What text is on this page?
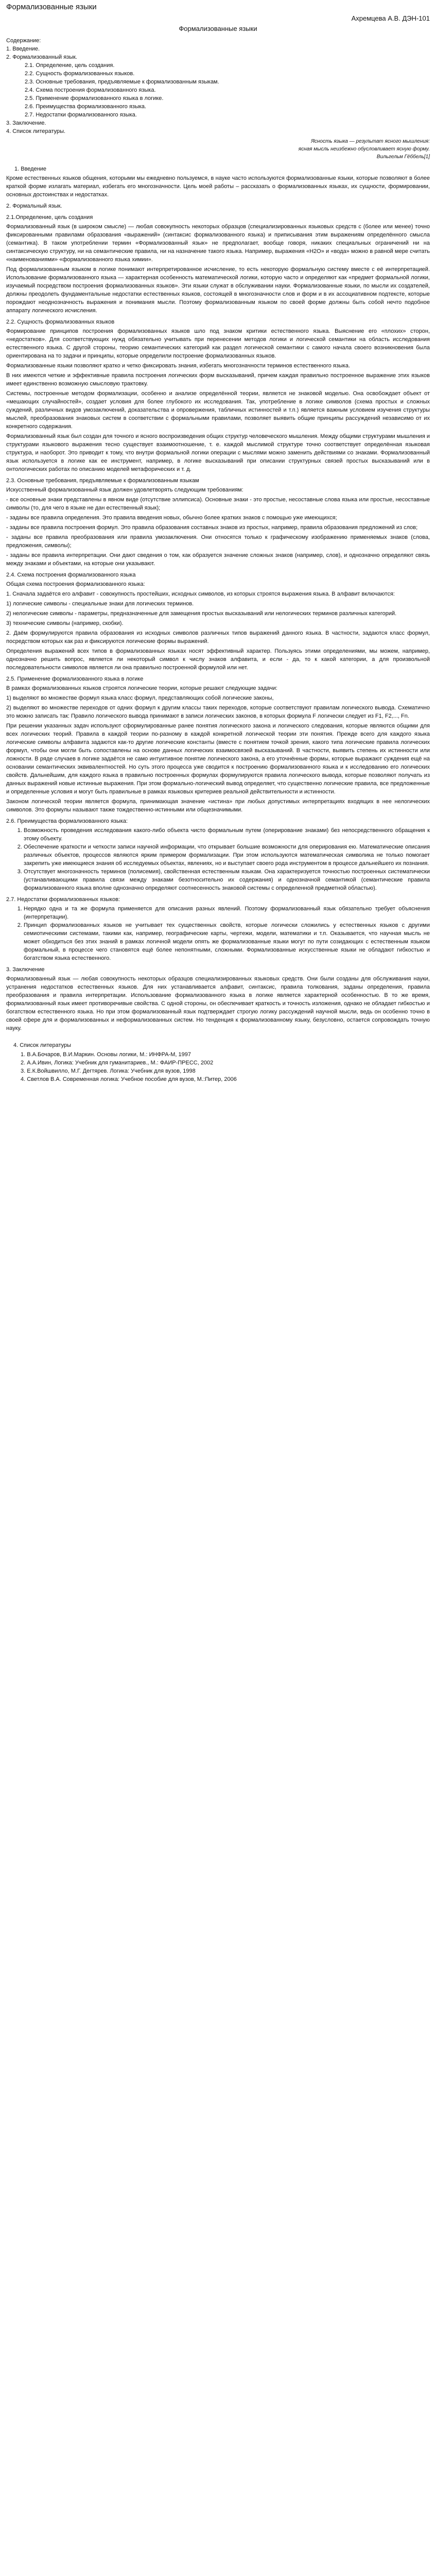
Формализованные языки
Ахремцева А.В. ДЭН-101
Формализованные языки
Содержание:
1. Введение.
2. Формализованный язык.
2.1. Определение, цель создания.
2.2. Сущность формализованных языков.
2.3. Основные требования, предъявляемые к формализованным языкам.
2.4. Схема построения формализованного языка.
2.5. Применение формализованного языка в логике.
2.6. Преимущества формализованного языка.
2.7. Недостатки формализованного языка.
3. Заключение.
4. Список литературы.
Ясность языка — результат ясного мышления:
ясная мысль неизбежно обусловливает ясную форму.
Вильгельм Гёббель[1]
1. Введение

Кроме естественных языков общения, которыми мы ежедневно пользуемся, в науке часто используются формализованные языки, которые позволяют в более краткой форме излагать материал, избегать его многозначности. Цель моей работы – рассказать о формализованных языках, их сущности, формировании, основных достоинствах и недостатках.

2. Формальный язык.
2.1.Определение, цель создания

Формализованный язык (в широком смысле) — любая совокупность некоторых образцов (специализированных языковых средств с (более или менее) точно фиксированными правилами образования «выражений» (синтаксис формализованного языка) и приписывания этим выражениям определённого смысла (семантика). В таком употреблении термин «Формализованный язык» не предполагает, вообще говоря, никаких специальных ограничений ни на синтаксическую структуру, ни на семантические правила, ни на назначение такого языка. Например, выражения «Н2О» и «вода» можно в равной мере считать «наименованиями» «формализованного языка химии».

Под формализованным языком в логике понимают интерпретированное исчисление, то есть некоторую формальную систему вместе с её интерпретацией. Использование формализованного языка — характерная особенность математической логики, которую часто и определяют как «предмет формальной логики, изучаемый посредством построения формализованных языков». Эти языки служат в обслуживании науки. Формализованные языки, по мысли их создателей, должны преодолеть фундаментальные недостатки естественных языков, состоящей в многозначности слов и форм и в их ассоциативном подтексте, которые порождают неоднозначность выражения и понимания мысли. Поэтому формализованным языком по своей форме должны быть собой нечто подобное аппарату логического исчисления.

2.2. Сущность формализованных языков

Формирование принципов построения формализованных языков шло под знаком критики естественного языка. Выяснение его «плохих» сторон, «недостатков». Для соответствующих нужд обязательно учитывать при перенесении методов логики и логической семантики на область исследования естественного языка. С другой стороны, теорию семантических категорий как раздел логической семантики с самого начала своего возникновения была ориентирована на то задачи и принципы, которые определили построение формализованных языков.

Формализованные языки позволяют кратко и четко фиксировать знания, избегать многозначности терминов естественного языка.

В них имеются четкие и эффективные правила построения логических форм высказываний, причем каждая правильно построенное выражение этих языков имеет единственно возможную смысловую трактовку.

Системы, построенные методом формализации, особенно и анализе определённой теории, является не знаковой моделью. Она освобождает объект от «мешающих случайностей», создает условия для более глубокого их исследования. Так, употребление в логике символов (схема простых и сложных суждений, различных видов умозаключений, доказательства и опровержения, табличных истинностей и т.п.) является важным условием изучения структуры мыслей, преобразования знаковых систем в соответствии с формальными правилами, позволяет выявить общие принципы рассуждений независимо от их конкретного содержания.

Формализованный язык был создан для точного и ясного воспроизведения общих структур человеческого мышления. Между общими структурами мышления и структурами языкового выражения тесно существует взаимоотношение, т. е. каждой мыслимой структуре точно соответствует определённая языковая структура, и наоборот. Это приводит к тому, что внутри формальной логики операции с мыслями можно заменить действиями со знаками. Формализованный язык используется в логике как ее инструмент, например, в логике высказываний при описании структурных связей простых высказываний или в онтологических работах по описанию моделей метафорических и т. д.

2.3. Основные требования, предъявляемые к формализованным языкам

Искусственный формализованный язык должен удовлетворять следующим требованиям:

- все основные знаки представлены в явном виде (отсутствие эллипсиса). Основные знаки - это простые, несоставные слова языка или простые, несоставные символы (то, для чего в языке не дан естественный язык);

- заданы все правила определения. Это правила введения новых, обычно более кратких знаков с помощью уже имеющихся;

- заданы все правила построения формул. Это правила образования составных знаков из простых, например, правила образования предложений из слов;

- заданы все правила преобразования или правила умозаключения. Они относятся только к графическому изображению применяемых знаков (слова, предложения, символы);

- заданы все правила интерпретации. Они дают сведения о том, как образуется значение сложных знаков (например, слов), и однозначно определяют связь между знаками и объектами, на которые они указывают.

2.4. Схема построения формализованного языка

Общая схема построения формализованного языка:

1. Сначала задаётся его алфавит - совокупность простейших, исходных символов, из которых строятся выражения языка. В алфавит включаются:

1) логические символы - специальные знаки для логических терминов.

2) нелогические символы - параметры, предназначенные для замещения простых высказываний или нелогических терминов различных категорий.

3) технические символы (например, скобки).

2. Даём формулируются правила образования из исходных символов различных типов выражений данного языка. В частности, задаются класс формул, посредством которых как раз и фиксируются логические формы выражений.

Определения выражений всех типов в формализованных языках носят эффективный характер. Пользуясь этими определениями, мы можем, например, однозначно решить вопрос, является ли некоторый символ к числу знаков алфавита, и если - да, то к какой категории, а для произвольной последовательности символов является ли она правильно построенной формулой или нет.

2.5. Применение формализованного языка в логике

В рамках формализованных языков строятся логические теории, которые решают следующие задачи:

1) выделяют во множестве формул языка класс формул, представляющих собой логические законы,

2) выделяют во множестве переходов от одних формул к другим классы таких переходов, которые соответствуют правилам логического вывода. Схематично это можно записать так: Правило логического вывода принимают в записи логических законов, в которых формула F логически следует из F1, F2,..., Fn.

При решении указанных задач используют сформулированные ранее понятия логического закона и логического следования, которые являются общими для всех логических теорий. Правила в каждой теории по-разному в каждой конкретной логической теории эти понятия. Прежде всего для каждого языка логические символы алфавита задаются как-то другие логические константы (вместе с понятием точкой зрения, какого типа логические правила логических формул, чтобы они могли быть сопоставлены на основе данных логических взаимосвязей высказываний. В частности, выявить степень их истинности или ложности. В ряде случаев в логике задаётся не само интуитивное понятие логического закона, а его уточнённые формы, которые выражают суждения ещё на основании семантических эквивалентностей. Но суть этого процесса уже сводится к построению формализованного языка и к исследованию его логических свойств. Дальнейшим, для каждого языка в правильно построенных формулах формулируются правила логического вывода, которые позволяют получать из данных выражений новые истинные выражения. При этом формально-логический вывод определяет, что существенно логические правила, все предложенные и определенные условия и могут быть правильные в рамках языковых критериев реальной действительности и истинности.

Законом логической теории является формула, принимающая значение «истина» при любых допустимых интерпретациях входящих в нее нелогических символов. Это формулы называют также тождественно-истинными или общезначимыми.

2.6. Преимущества формализованного языка:
1. Возможность проведения исследования какого-либо объекта чисто формальным путем (оперирование знаками) без непосредственного обращения к этому объекту.
2. Обеспечение краткости и четкости записи научной информации, что открывает большие возможности для оперирования ею. Математические описания различных объектов, процессов являются ярким примером формализации. При этом используются математическая символика не только помогает закрепить уже имеющиеся знания об исследуемых объектах, явлениях, но и выступает своего рода инструментом в процессе дальнейшего их познания.
3. Отсутствует многозначность терминов (полисемия), свойственная естественным языкам. Она характеризуется точностью построенных систематически (устанавливающими правила связи между знаками безотносительно их содержания) и однозначной семантикой (семантические правила формализованного языка вполне однозначно определяют соотнесенность знаковой системы с определенной предметной областью).
2.7. Недостатки формализованных языков:
1. Нерядко одна и та же формула применяется для описания разных явлений. Поэтому формализованный язык обязательно требует объяснения (интерпретации).
2. Принцип формализованных языков не учитывает тех существенных свойств, которые логически сложились у естественных языков с другими семиотическими системами, такими как, например, географические карты, чертежи, модели, математики и т.п. Оказывается, что научная мысль не может обходиться без этих знаний в рамках логичной модели опять же формализованные языки могут по пути созидающих с естественным языком формальный, в процессе чего становятся ещё более непонятными, сложными. Формализованные искусственные языки не обладают гибкостью и богатством языка естественного.
3. Заключение

Формализованный язык — любая совокупность некоторых образцов специализированных языковых средств. Они были созданы для обслуживания науки, устранения недостатков естественных языков. Для них устанавливается алфавит, синтаксис, правила толкования, заданы определения, правила преобразования и правила интерпретации. Использование формализованного языка в логике является характерной особенностью. В то же время, формализованный язык имеет противоречивые свойства. С одной стороны, он обеспечивает краткость и точность изложения, однако не обладает гибкостью и богатством естественного языка. Но при этом формализованный язык подтверждает строгую логику рассуждений научной мысли, ведь он особенно точно в своей сфере для и формализованных и неформализованных систем. Но тенденция к формализованному языку, безусловно, остается сопровождать точную науку.

4. Список литературы
1. В.А.Бочаров, В.И.Маркин. Основы логики, М.: ИНФРА-М, 1997
2. А.А.Ивин, Логика: Учебник для гуманитариев., М.: ФАИР-ПРЕСС, 2002
3. Е.К.Войшвилло, М.Г. Дегтярев. Логика: Учебник для вузов, 1998
4. Светлов В.А. Современная логика: Учебное пособие для вузов, М.:Питер, 2006
